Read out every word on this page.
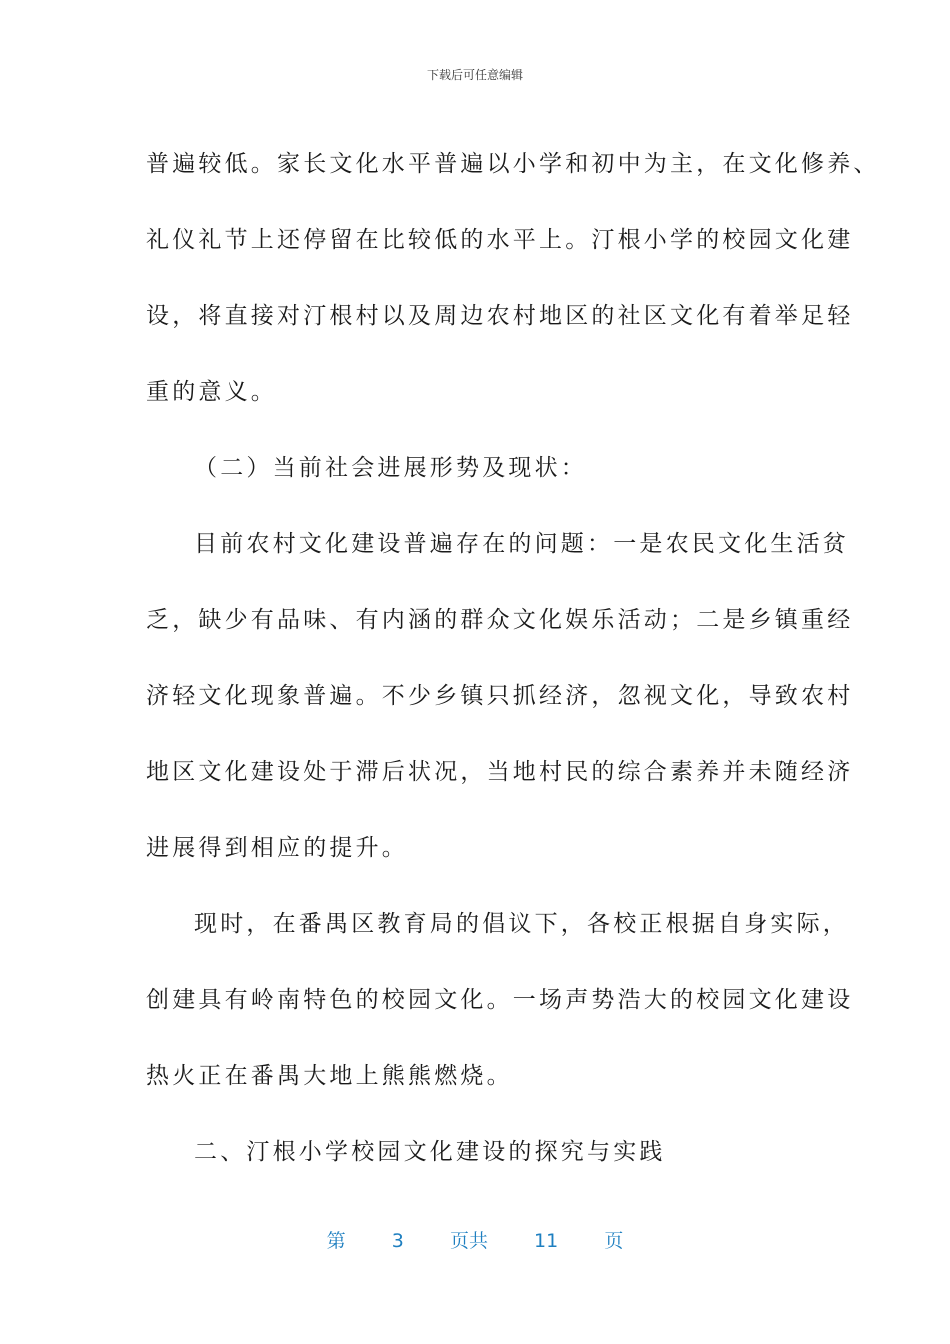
下载后可任意编辑

普遍较低。家长文化水平普遍以小学和初中为主，在文化修养、

礼仪礼节上还停留在比较低的水平上。汀根小学的校园文化建

设，将直接对汀根村以及周边农村地区的社区文化有着举足轻

重的意义。

（二）当前社会进展形势及现状：

目前农村文化建设普遍存在的问题：一是农民文化生活贫

乏，缺少有品味、有内涵的群众文化娱乐活动；二是乡镇重经

济轻文化现象普遍。不少乡镇只抓经济，忽视文化，导致农村

地区文化建设处于滞后状况，当地村民的综合素养并未随经济

进展得到相应的提升。

现时，在番禺区教育局的倡议下，各校正根据自身实际，

创建具有岭南特色的校园文化。一场声势浩大的校园文化建设

热火正在番禺大地上熊熊燃烧。

二、汀根小学校园文化建设的探究与实践

第 3 页共 11 页
